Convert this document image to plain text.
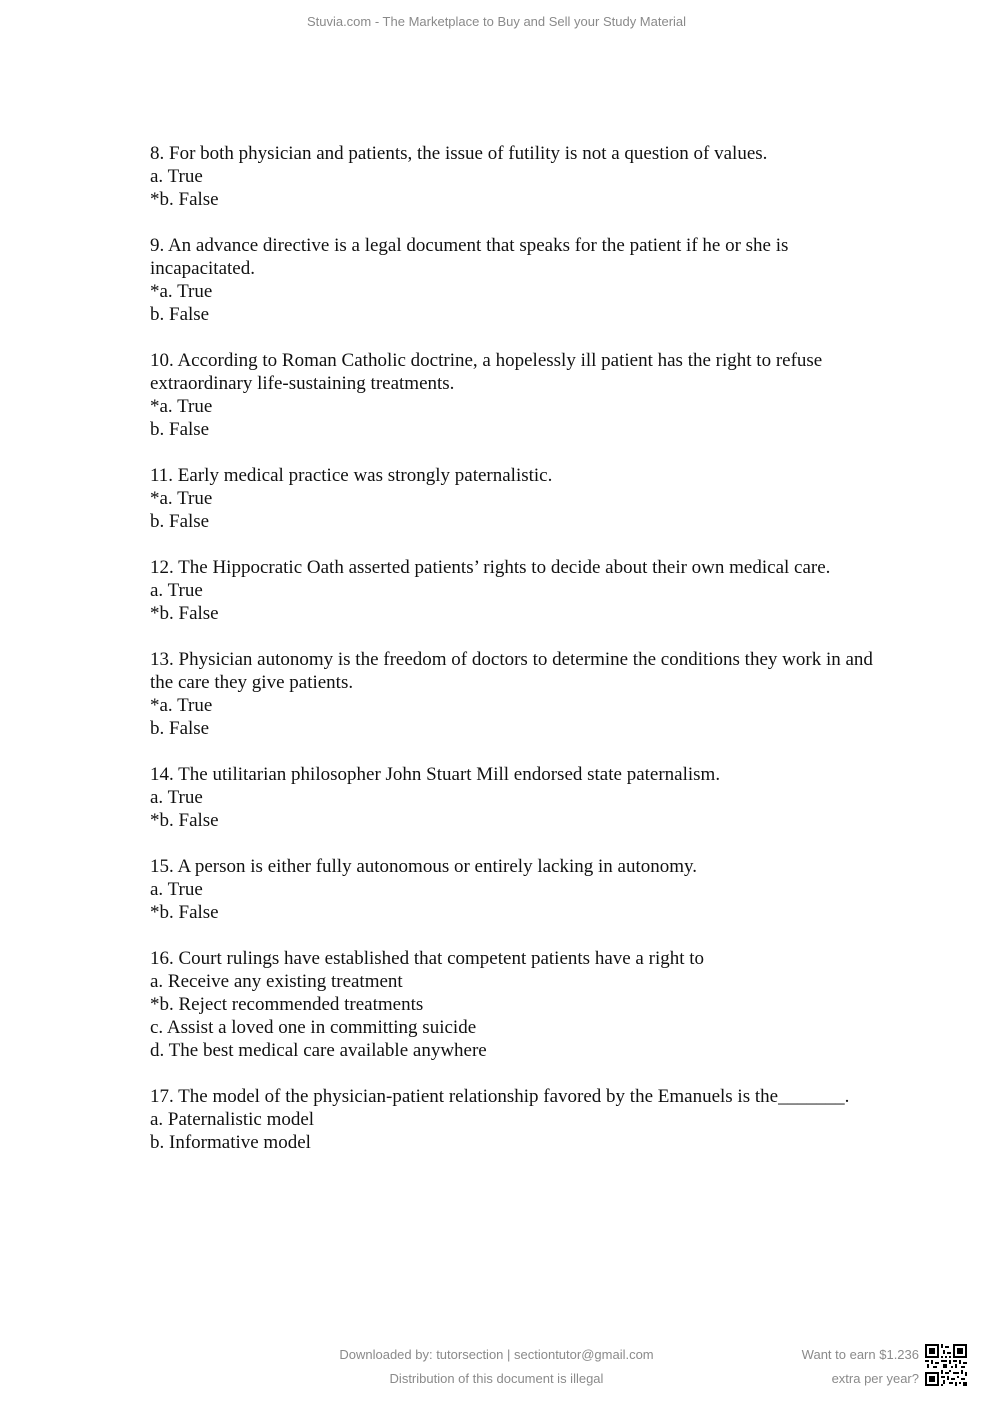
Stuvia.com - The Marketplace to Buy and Sell your Study Material

8. For both physician and patients, the issue of futility is not a question of values.

a. True

*b. False

9. An advance directive is a legal document that speaks for the patient if he or she is incapacitated.

*a. True

b. False

10. According to Roman Catholic doctrine, a hopelessly ill patient has the right to refuse extraordinary life-sustaining treatments.

*a. True

b. False

11. Early medical practice was strongly paternalistic.

*a. True

b. False

12. The Hippocratic Oath asserted patients’ rights to decide about their own medical care.

a. True

*b. False

13. Physician autonomy is the freedom of doctors to determine the conditions they work in and the care they give patients.

*a. True

b. False

14. The utilitarian philosopher John Stuart Mill endorsed state paternalism.

a. True

*b. False

15. A person is either fully autonomous or entirely lacking in autonomy.

a. True

*b. False

16. Court rulings have established that competent patients have a right to

a. Receive any existing treatment

*b. Reject recommended treatments

c. Assist a loved one in committing suicide

d. The best medical care available anywhere

17. The model of the physician-patient relationship favored by the Emanuels is the_______.

a. Paternalistic model

b. Informative model

Downloaded by: tutorsection | sectiontutor@gmail.com
Distribution of this document is illegal
Want to earn $1.236
extra per year?
